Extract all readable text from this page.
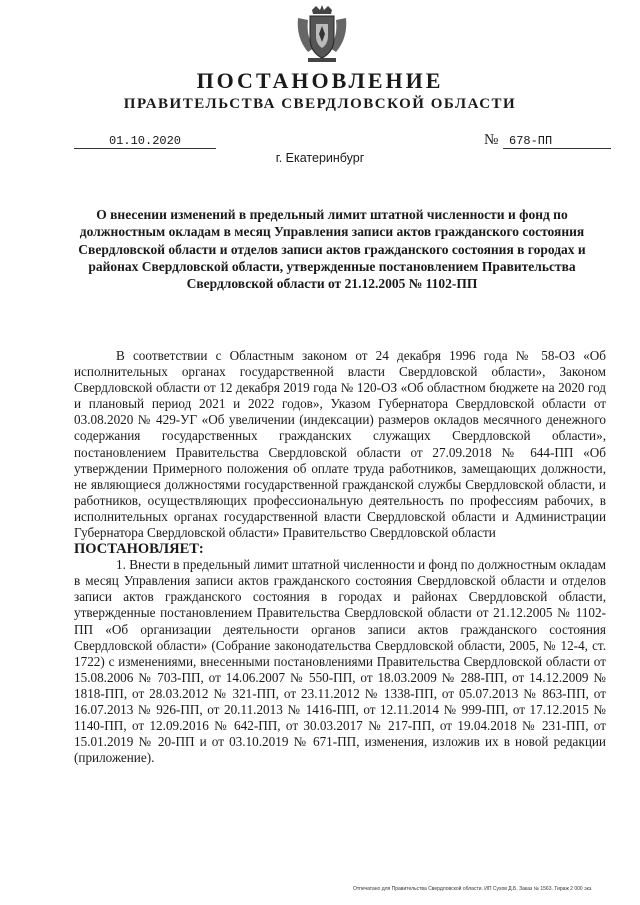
ПОСТАНОВЛЕНИЕ
ПРАВИТЕЛЬСТВА СВЕРДЛОВСКОЙ ОБЛАСТИ
01.10.2020	№ 678-ПП
г. Екатеринбург
О внесении изменений в предельный лимит штатной численности и фонд по должностным окладам в месяц Управления записи актов гражданского состояния Свердловской области и отделов записи актов гражданского состояния в городах и районах Свердловской области, утвержденные постановлением Правительства Свердловской области от 21.12.2005 № 1102-ПП

В соответствии с Областным законом от 24 декабря 1996 года № 58-ОЗ «Об исполнительных органах государственной власти Свердловской области», Законом Свердловской области от 12 декабря 2019 года № 120-ОЗ «Об областном бюджете на 2020 год и плановый период 2021 и 2022 годов», Указом Губернатора Свердловской области от 03.08.2020 № 429-УГ «Об увеличении (индексации) размеров окладов месячного денежного содержания государственных гражданских служащих Свердловской области», постановлением Правительства Свердловской области от 27.09.2018 № 644-ПП «Об утверждении Примерного положения об оплате труда работников, замещающих должности, не являющиеся должностями государственной гражданской службы Свердловской области, и работников, осуществляющих профессиональную деятельность по профессиям рабочих, в исполнительных органах государственной власти Свердловской области и Администрации Губернатора Свердловской области» Правительство Свердловской области

ПОСТАНОВЛЯЕТ:

1. Внести в предельный лимит штатной численности и фонд по должностным окладам в месяц Управления записи актов гражданского состояния Свердловской области и отделов записи актов гражданского состояния в городах и районах Свердловской области, утвержденные постановлением Правительства Свердловской области от 21.12.2005 № 1102-ПП «Об организации деятельности органов записи актов гражданского состояния Свердловской области» (Собрание законодательства Свердловской области, 2005, № 12-4, ст. 1722) с изменениями, внесенными постановлениями Правительства Свердловской области от 15.08.2006 № 703-ПП, от 14.06.2007 № 550-ПП, от 18.03.2009 № 288-ПП, от 14.12.2009 № 1818-ПП, от 28.03.2012 № 321-ПП, от 23.11.2012 № 1338-ПП, от 05.07.2013 № 863-ПП, от 16.07.2013 № 926-ПП, от 20.11.2013 № 1416-ПП, от 12.11.2014 № 999-ПП, от 17.12.2015 № 1140-ПП, от 12.09.2016 № 642-ПП, от 30.03.2017 № 217-ПП, от 19.04.2018 № 231-ПП, от 15.01.2019 № 20-ПП и от 03.10.2019 № 671-ПП, изменения, изложив их в новой редакции (приложение).

Отпечатано для Правительства Свердловской области. ИП Сухов Д.Б. Заказ № 1563. Тираж 2 000 экз.
